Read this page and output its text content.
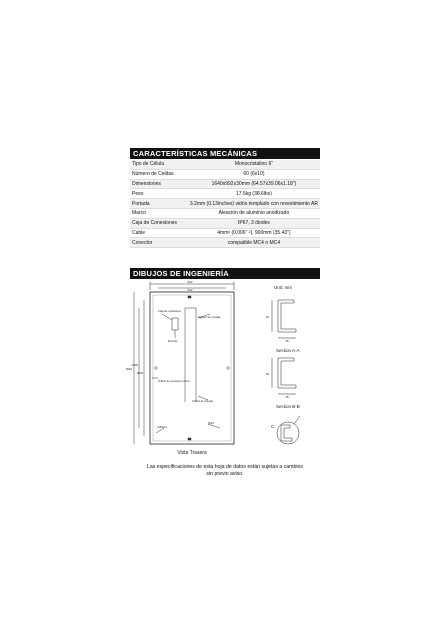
CARACTERÍSTICAS MECÁNICAS
Tipo de Célula	Monocristalino 6"
Número de Celdas	60 (6x10)
Dimensiones	1640x992x30mm (64.57x39.06x1.18")
Peso	17.5kg (38.6lbs)
Portada	3.2mm (0.13inches) vidrio templado con revestimiento AR
Marco	Aleación de aluminio anodizado
Caja de Conexiones	IP67, 3 diodes
Cable	4mm² (0.006" ²), 900mm (35.43")
Conector	compatible MC4 o MC4
DIBUJOS DE INGENIERÍA
992
942
1640
1200
1500
Caja de conexiones
Enchufe
Agujero de montaje
Orificio de conexión a tierra
Orificio de drenaje
4-Ø9x14
8-Ø4
Vista Trasera
Unit: mm
30
35
Section A-A
30
25
Section B-B
C
Las especificaciones de esta hoja de datos están sujetas a cambios
sin previo aviso.
